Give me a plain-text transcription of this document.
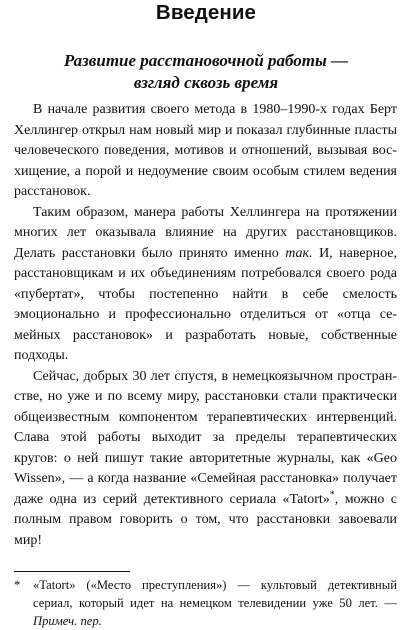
Введение
Развитие расстановочной работы —
взгляд сквозь время

В начале развития своего метода в 1980–1990-х годах Берт Хеллингер открыл нам новый мир и показал глубинные пласты человеческого поведения, мотивов и отношений, вызывая восхищение, а порой и недоумение своим особым стилем ведения расстановок.

Таким образом, манера работы Хеллингера на протяжении многих лет оказывала влияние на других расстановщиков. Делать расстановки было принято именно так. И, наверное, расстановщикам и их объединениям потребовался своего рода «пубертат», чтобы постепенно найти в себе смелость эмоционально и профессионально отделиться от «отца семейных расстановок» и разработать новые, собственные подходы.

Сейчас, добрых 30 лет спустя, в немецкоязычном пространстве, но уже и по всему миру, расстановки стали практически общеизвестным компонентом терапевтических интервенций. Слава этой работы выходит за пределы терапевтических кругов: о ней пишут такие авторитетные журналы, как «Geo Wissen», — а когда название «Семейная расстановка» получает даже одна из серий детективного сериала «Tatort»*, можно с полным правом говорить о том, что расстановки завоевали мир!

* «Tatort» («Место преступления») — культовый детективный сериал, который идет на немецком телевидении уже 50 лет. — Примеч. пер.
